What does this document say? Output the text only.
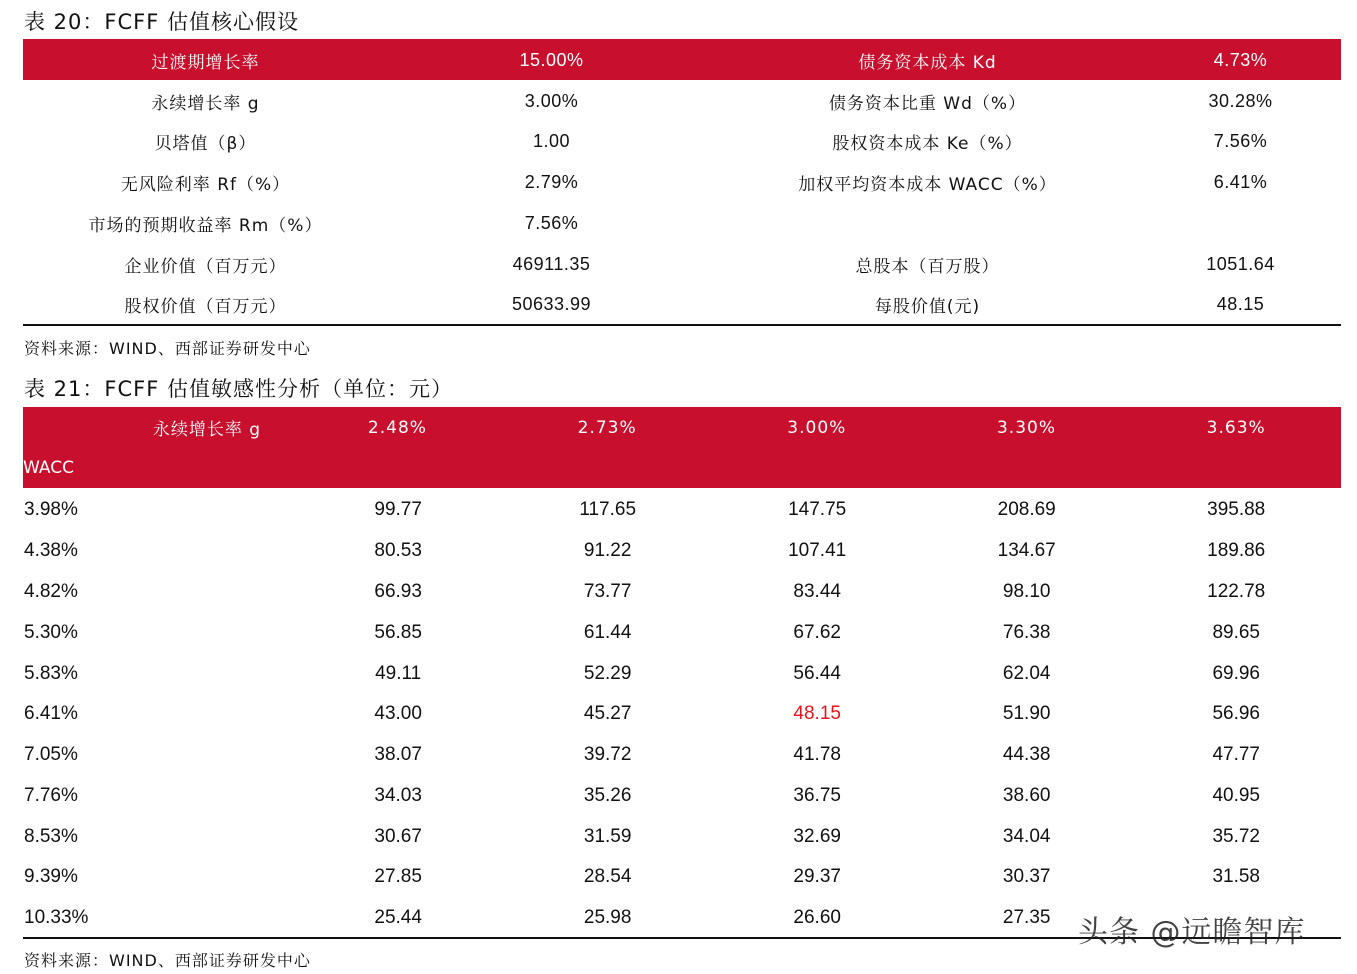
表 20：FCFF 估值核心假设
过渡期增长率	15.00%	债务资本成本 Kd	4.73%
永续增长率 g	3.00%	债务资本比重 Wd（%）	30.28%
贝塔值（β）	1.00	股权资本成本 Ke（%）	7.56%
无风险利率 Rf（%）	2.79%	加权平均资本成本 WACC（%）	6.41%
市场的预期收益率 Rm（%）	7.56%
企业价值（百万元）	46911.35	总股本（百万股）	1051.64
股权价值（百万元）	50633.99	每股价值(元)	48.15
资料来源：WIND、西部证券研发中心
表 21：FCFF 估值敏感性分析（单位：元）
永续增长率 g	2.48%	2.73%	3.00%	3.30%	3.63%
WACC
3.98%	99.77	117.65	147.75	208.69	395.88
4.38%	80.53	91.22	107.41	134.67	189.86
4.82%	66.93	73.77	83.44	98.10	122.78
5.30%	56.85	61.44	67.62	76.38	89.65
5.83%	49.11	52.29	56.44	62.04	69.96
6.41%	43.00	45.27	48.15	51.90	56.96
7.05%	38.07	39.72	41.78	44.38	47.77
7.76%	34.03	35.26	36.75	38.60	40.95
8.53%	30.67	31.59	32.69	34.04	35.72
9.39%	27.85	28.54	29.37	30.37	31.58
10.33%	25.44	25.98	26.60	27.35
资料来源：WIND、西部证券研发中心
头条 @远瞻智库
